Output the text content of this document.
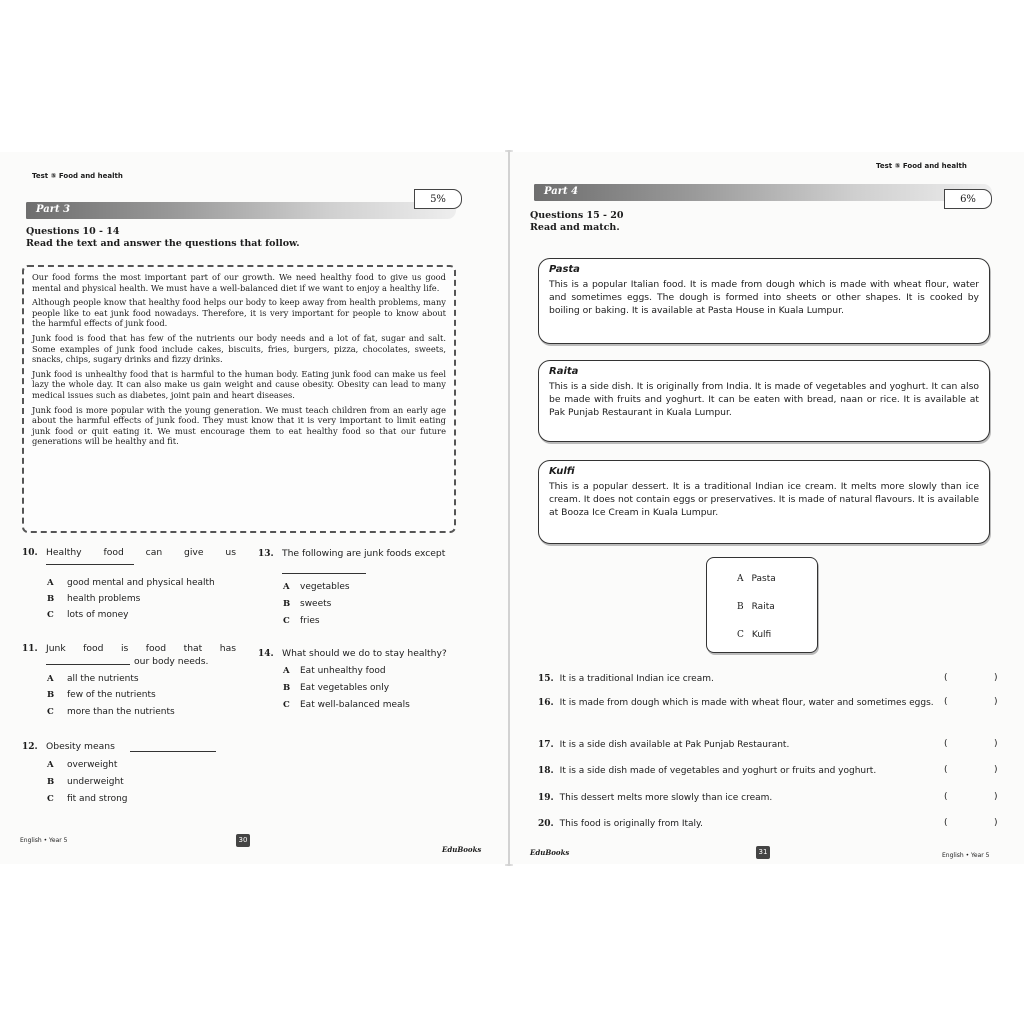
Test ⑤ Food and health
Part 3
5%
Questions 10 - 14
Read the text and answer the questions that follow.

Our food forms the most important part of our growth. We need healthy food to give us good mental and physical health. We must have a well-balanced diet if we want to enjoy a healthy life.

Although people know that healthy food helps our body to keep away from health problems, many people like to eat junk food nowadays. Therefore, it is very important for people to know about the harmful effects of junk food.

Junk food is food that has few of the nutrients our body needs and a lot of fat, sugar and salt. Some examples of junk food include cakes, biscuits, fries, burgers, pizza, chocolates, sweets, snacks, chips, sugary drinks and fizzy drinks.

Junk food is unhealthy food that is harmful to the human body. Eating junk food can make us feel lazy the whole day. It can also make us gain weight and cause obesity. Obesity can lead to many medical issues such as diabetes, joint pain and heart diseases.

Junk food is more popular with the young generation. We must teach children from an early age about the harmful effects of junk food. They must know that it is very important to limit eating junk food or quit eating it. We must encourage them to eat healthy food so that our future generations will be healthy and fit.

10. Healthy food can give us
A good mental and physical health
B health problems
C lots of money
11. Junk food is food that has
our body needs.
A all the nutrients
B few of the nutrients
C more than the nutrients
12. Obesity means
A overweight
B underweight
C fit and strong
13. The following are junk foods except
A vegetables
B sweets
C fries
14. What should we do to stay healthy?
A Eat unhealthy food
B Eat vegetables only
C Eat well-balanced meals
English • Year 5	30
EduBooks
Test ⑤ Food and health
Part 4
6%
Questions 15 - 20
Read and match.
Pasta
This is a popular Italian food. It is made from dough which is made with wheat flour, water and sometimes eggs. The dough is formed into sheets or other shapes. It is cooked by boiling or baking. It is available at Pasta House in Kuala Lumpur.
Raita
This is a side dish. It is originally from India. It is made of vegetables and yoghurt. It can also be made with fruits and yoghurt. It can be eaten with bread, naan or rice. It is available at Pak Punjab Restaurant in Kuala Lumpur.
Kulfi
This is a popular dessert. It is a traditional Indian ice cream. It melts more slowly than ice cream. It does not contain eggs or preservatives. It is made of natural flavours. It is available at Booza Ice Cream in Kuala Lumpur.
A Pasta
B Raita
C Kulfi
15. It is a traditional Indian ice cream.
16. It is made from dough which is made with wheat flour, water and sometimes eggs.
17. It is a side dish available at Pak Punjab Restaurant.
18. It is a side dish made of vegetables and yoghurt or fruits and yoghurt.
19. This dessert melts more slowly than ice cream.
20. This food is originally from Italy.
(	)
(	)
(	)
(	)
(	)
(	)
EduBooks	31	English • Year 5
